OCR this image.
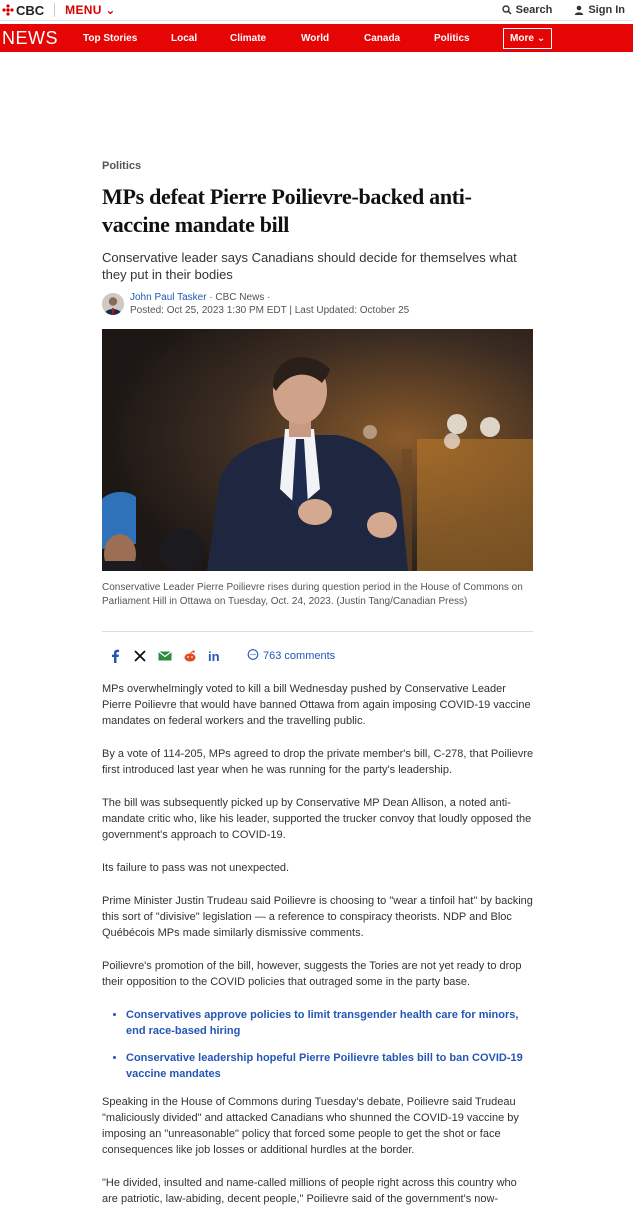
CBC MENU ⌄	Search	Sign In
NEWS	Top Stories	Local	Climate	World	Canada	Politics	More ⌄
Politics
MPs defeat Pierre Poilievre-backed anti-vaccine mandate bill
Conservative leader says Canadians should decide for themselves what they put in their bodies
John Paul Tasker · CBC News ·
Posted: Oct 25, 2023 1:30 PM EDT | Last Updated: October 25
Conservative Leader Pierre Poilievre rises during question period in the House of Commons on Parliament Hill in Ottawa on Tuesday, Oct. 24, 2023. (Justin Tang/Canadian Press)
in	763 comments

MPs overwhelmingly voted to kill a bill Wednesday pushed by Conservative Leader Pierre Poilievre that would have banned Ottawa from again imposing COVID-19 vaccine mandates on federal workers and the travelling public.

By a vote of 114-205, MPs agreed to drop the private member's bill, C-278, that Poilievre first introduced last year when he was running for the party's leadership.

The bill was subsequently picked up by Conservative MP Dean Allison, a noted anti-mandate critic who, like his leader, supported the trucker convoy that loudly opposed the government's approach to COVID-19.

Its failure to pass was not unexpected.

Prime Minister Justin Trudeau said Poilievre is choosing to "wear a tinfoil hat" by backing this sort of "divisive" legislation — a reference to conspiracy theorists. NDP and Bloc Québécois MPs made similarly dismissive comments.

Poilievre's promotion of the bill, however, suggests the Tories are not yet ready to drop their opposition to the COVID policies that outraged some in the party base.

• Conservatives approve policies to limit transgender health care for minors, end race-based hiring
• Conservative leadership hopeful Pierre Poilievre tables bill to ban COVID-19 vaccine mandates

Speaking in the House of Commons during Tuesday's debate, Poilievre said Trudeau "maliciously divided" and attacked Canadians who shunned the COVID-19 vaccine by imposing an "unreasonable" policy that forced some people to get the shot or face consequences like job losses or additional hurdles at the border.

"He divided, insulted and name-called millions of people right across this country who are patriotic, law-abiding, decent people," Poilievre said of the government's now-
